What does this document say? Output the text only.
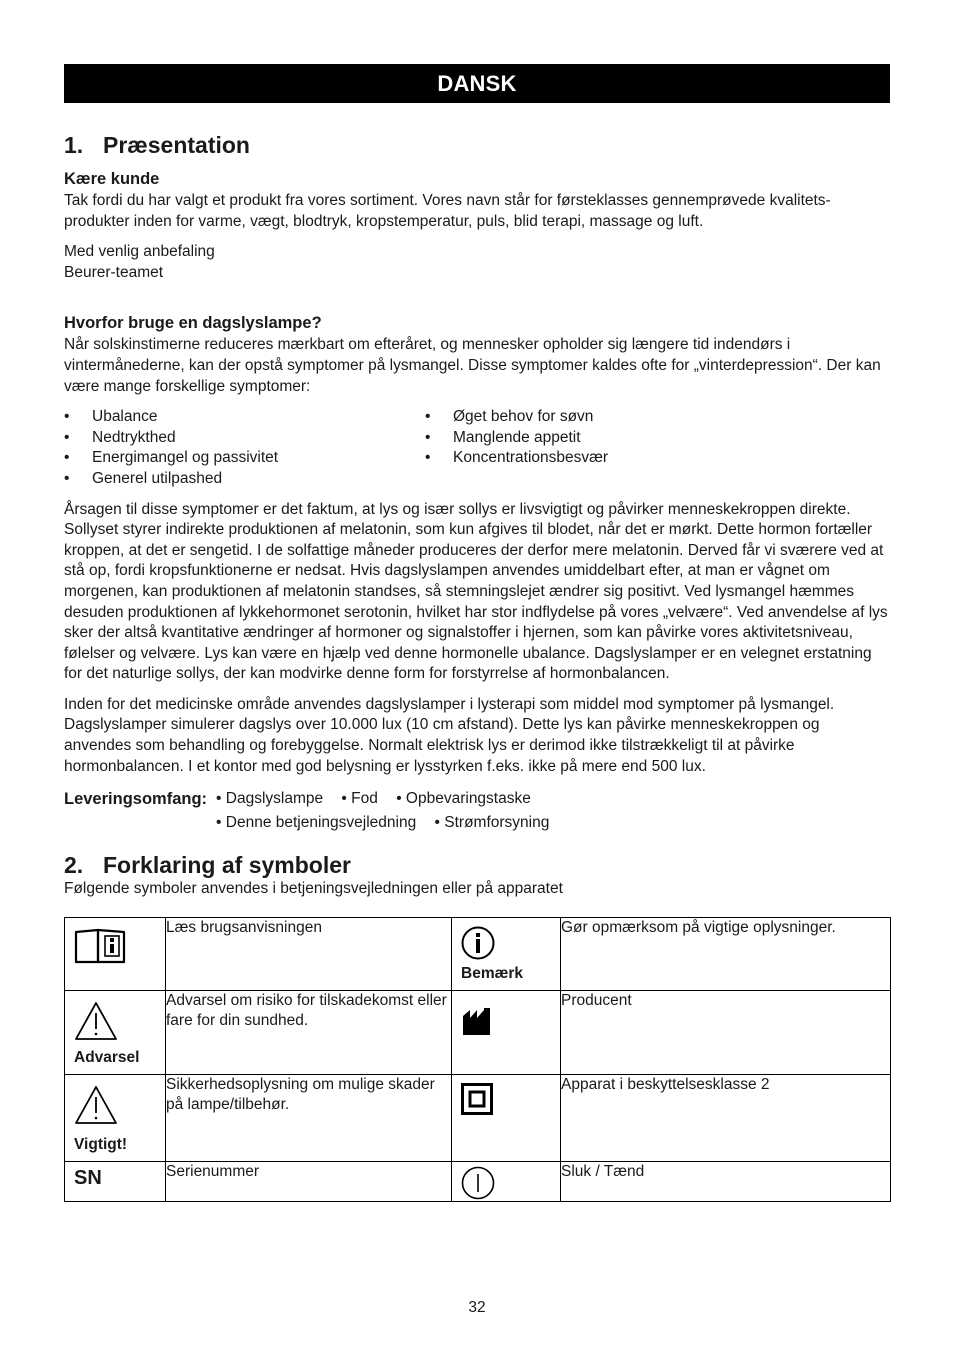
DANSK
1. Præsentation
Kære kunde

Tak fordi du har valgt et produkt fra vores sortiment. Vores navn står for førsteklasses gennemprøvede kvalitets-produkter inden for varme, vægt, blodtryk, kropstemperatur, puls, blid terapi, massage og luft.

Med venlig anbefaling
Beurer-teamet

Hvorfor bruge en dagslyslampe?

Når solskinstimerne reduceres mærkbart om efteråret, og mennesker opholder sig længere tid indendørs i vintermånederne, kan der opstå symptomer på lysmangel. Disse symptomer kaldes ofte for „vinterdepression“. Der kan være mange forskellige symptomer:

• Ubalance
• Nedtrykthed
• Energimangel og passivitet
• Generel utilpashed
• Øget behov for søvn
• Manglende appetit
• Koncentrationsbesvær

Årsagen til disse symptomer er det faktum, at lys og især sollys er livsvigtigt og påvirker menneskekroppen direkte. Sollyset styrer indirekte produktionen af melatonin, som kun afgives til blodet, når det er mørkt. Dette hormon fortæller kroppen, at det er sengetid. I de solfattige måneder produceres der derfor mere melatonin. Derved får vi sværere ved at stå op, fordi kropsfunktionerne er nedsat. Hvis dagslyslampen anvendes umiddelbart efter, at man er vågnet om morgenen, kan produktionen af melatonin standses, så stemningslejet ændrer sig positivt. Ved lysmangel hæmmes desuden produktionen af lykkehormonet serotonin, hvilket har stor indflydelse på vores „velvære“. Ved anvendelse af lys sker der altså kvantitative ændringer af hormoner og signalstoffer i hjernen, som kan påvirke vores aktivitetsniveau, følelser og velvære. Lys kan være en hjælp ved denne hormonelle ubalance. Dagslyslamper er en velegnet erstatning for det naturlige sollys, der kan modvirke denne form for forstyrrelse af hormonbalancen.

Inden for det medicinske område anvendes dagslyslamper i lysterapi som middel mod symptomer på lysmangel. Dagslyslamper simulerer dagslys over 10.000 lux (10 cm afstand). Dette lys kan påvirke menneskekroppen og anvendes som behandling og forebyggelse. Normalt elektrisk lys er derimod ikke tilstrækkeligt til at påvirke hormonbalancen. I et kontor med god belysning er lysstyrken f.eks. ikke på mere end 500 lux.

Leveringsomfang: • Dagslyslampe • Fod • Opbevaringstaske
• Denne betjeningsvejledning • Strømforsyning
2. Forklaring af symboler

Følgende symboler anvendes i betjeningsvejledningen eller på apparatet

	Læs brugsanvisningen	Bemærk	Gør opmærksom på vigtige oplysninger.

Advarsel	Advarsel om risiko for tilskadekomst eller fare for din sundhed.		Producent

Vigtigt!	Sikkerhedsoplysning om mulige skader på lampe/tilbehør.		Apparat i beskyttelsesklasse 2

SN	Serienummer		Sluk / Tænd
32
